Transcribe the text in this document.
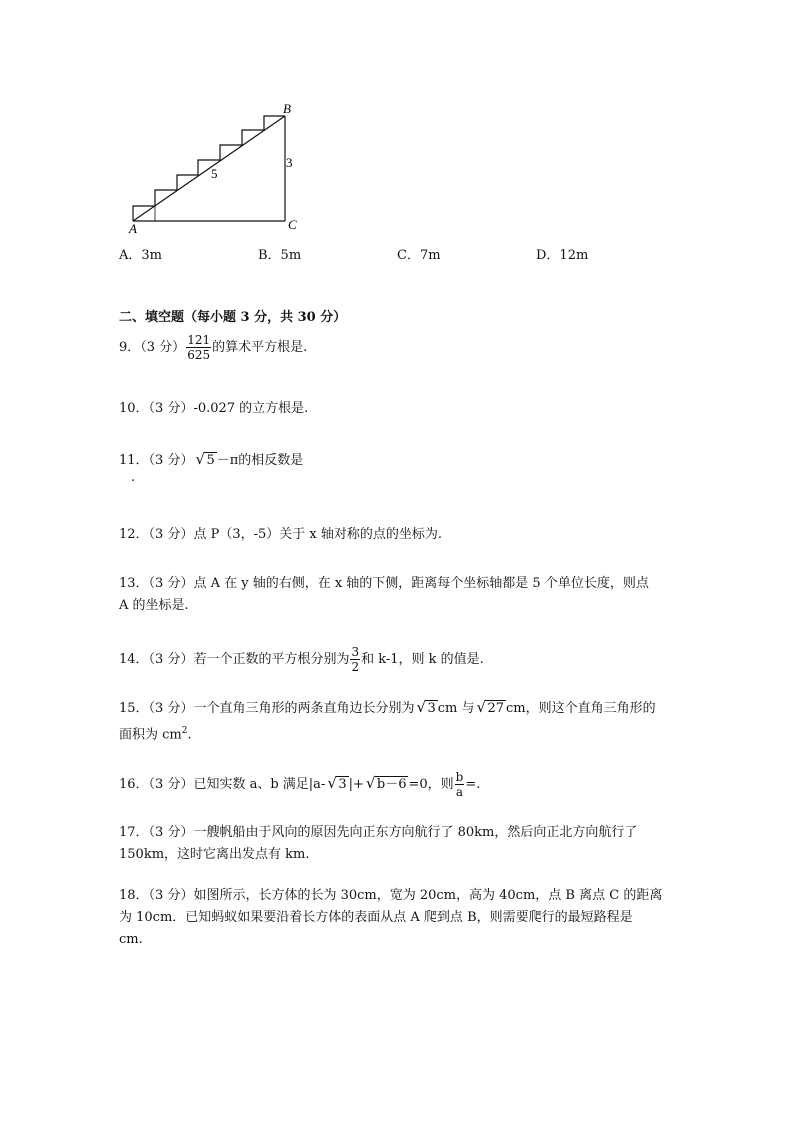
A
B
C
5
3
A．3m	B．5m	C．7m	D．12m
二、填空题（每小题 3 分，共 30 分）
9．（3 分） $\frac{121}{625}$ 的算术平方根是.
10．（3 分）-0.027 的立方根是.
11．（3 分） √ 5 －π的相反数是
.
12．（3 分）点 P（3，-5）关于 x 轴对称的点的坐标为.
13．（3 分）点 A 在 y 轴的右侧，在 x 轴的下侧，距离每个坐标轴都是 5 个单位长度，则点
A 的坐标是.
14．（3 分）若一个正数的平方根分别为 $\frac{3}{2}$ 和 k-1，则 k 的值是.
15．（3 分）一个直角三角形的两条直角边长分别为 √ 3 cm 与 √ 27 cm，则这个直角三角形的
面积为 $cm^2$.
16．（3 分）已知实数 a、b 满足|a- √ 3 |+ √ b－6 =0，则 $\frac{b}{a}$ =.
17．（3 分）一艘帆船由于风向的原因先向正东方向航行了 80km，然后向正北方向航行了
150km，这时它离出发点有 km.
18．（3 分）如图所示，长方体的长为 30cm，宽为 20cm，高为 40cm，点 B 离点 C 的距离
为 10cm．已知蚂蚁如果要沿着长方体的表面从点 A 爬到点 B，则需要爬行的最短路程是
cm.
